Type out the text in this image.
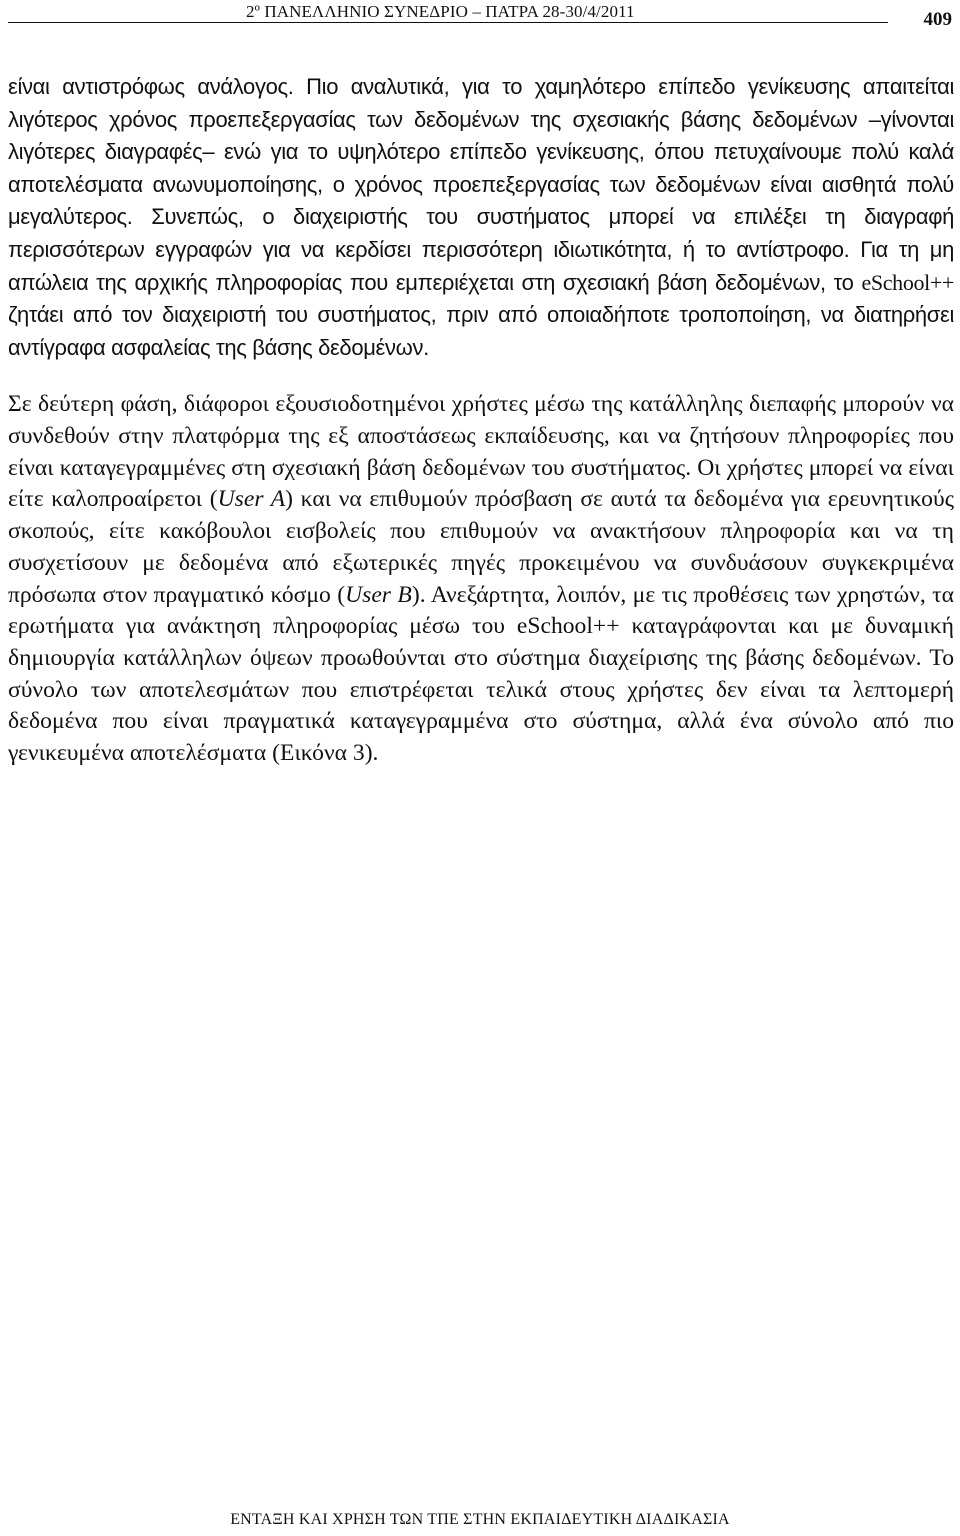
2º ΠΑΝΕΛΛΗΝΙΟ ΣΥΝΕΔΡΙΟ – ΠΑΤΡΑ 28-30/4/2011	409

είναι αντιστρόφως ανάλογος. Πιο αναλυτικά, για το χαμηλότερο επίπεδο γενίκευσης απαιτείται λιγότερος χρόνος προεπεξεργασίας των δεδομένων της σχεσιακής βάσης δεδομένων –γίνονται λιγότερες διαγραφές– ενώ για το υψηλότερο επίπεδο γενίκευσης, όπου πετυχαίνουμε πολύ καλά αποτελέσματα ανωνυμοποίησης, ο χρόνος προεπεξεργασίας των δεδομένων είναι αισθητά πολύ μεγαλύτερος. Συνεπώς, ο διαχειριστής του συστήματος μπορεί να επιλέξει τη διαγραφή περισσότερων εγγραφών για να κερδίσει περισσότερη ιδιωτικότητα, ή το αντίστροφο. Για τη μη απώλεια της αρχικής πληροφορίας που εμπεριέχεται στη σχεσιακή βάση δεδομένων, το eSchool++ ζητάει από τον διαχειριστή του συστήματος, πριν από οποιαδήποτε τροποποίηση, να διατηρήσει αντίγραφα ασφαλείας της βάσης δεδομένων.

Σε δεύτερη φάση, διάφοροι εξουσιοδοτημένοι χρήστες μέσω της κατάλληλης διεπαφής μπορούν να συνδεθούν στην πλατφόρμα της εξ αποστάσεως εκπαίδευσης, και να ζητήσουν πληροφορίες που είναι καταγεγραμμένες στη σχεσιακή βάση δεδομένων του συστήματος. Οι χρήστες μπορεί να είναι είτε καλοπροαίρετοι (User A) και να επιθυμούν πρόσβαση σε αυτά τα δεδομένα για ερευνητικούς σκοπούς, είτε κακόβουλοι εισβολείς που επιθυμούν να ανακτήσουν πληροφορία και να τη συσχετίσουν με δεδομένα από εξωτερικές πηγές προκειμένου να συνδυάσουν συγκεκριμένα πρόσωπα στον πραγματικό κόσμο (User B). Ανεξάρτητα, λοιπόν, με τις προθέσεις των χρηστών, τα ερωτήματα για ανάκτηση πληροφορίας μέσω του eSchool++ καταγράφονται και με δυναμική δημιουργία κατάλληλων όψεων προωθούνται στο σύστημα διαχείρισης της βάσης δεδομένων. Το σύνολο των αποτελεσμάτων που επιστρέφεται τελικά στους χρήστες δεν είναι τα λεπτομερή δεδομένα που είναι πραγματικά καταγεγραμμένα στο σύστημα, αλλά ένα σύνολο από πιο γενικευμένα αποτελέσματα (Εικόνα 3).

ΕΝΤΑΞΗ ΚΑΙ ΧΡΗΣΗ ΤΩΝ ΤΠΕ ΣΤΗΝ ΕΚΠΑΙΔΕΥΤΙΚΗ ΔΙΑΔΙΚΑΣΙΑ
